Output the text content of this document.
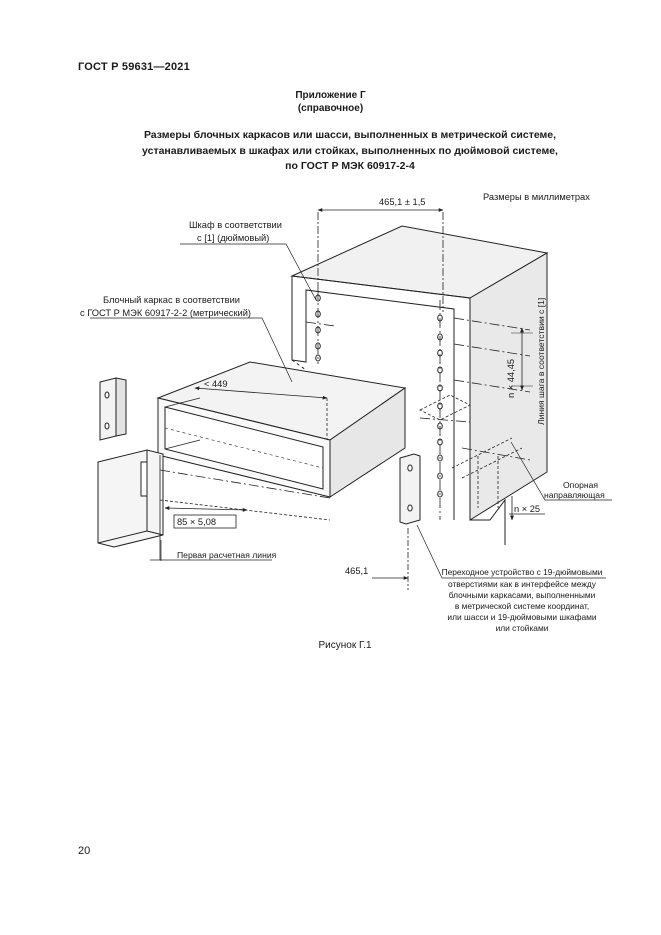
ГОСТ Р 59631—2021
Приложение Г
(справочное)
Размеры блочных каркасов или шасси, выполненных в метрической системе,
устанавливаемых в шкафах или стойках, выполненных по дюймовой системе,
по ГОСТ Р МЭК 60917-2-4
Размеры в миллиметрах
465,1 ± 1,5
Шкаф в соответствии
с [1] (дюймовый)
Блочный каркас в соответствии
с ГОСТ Р МЭК 60917-2-2 (метрический)
< 449
85 × 5,08
Первая расчетная линия
465,1
n × 44,45 Линия шага в соответствии с [1]
Опорная
направляющая
n × 25
Переходное устройство с 19-дюймовыми
отверстиями как в интерфейсе между
блочными каркасами, выполненными
в метрической системе координат,
или шасси и 19-дюймовыми шкафами
или стойками
Рисунок Г.1
20
